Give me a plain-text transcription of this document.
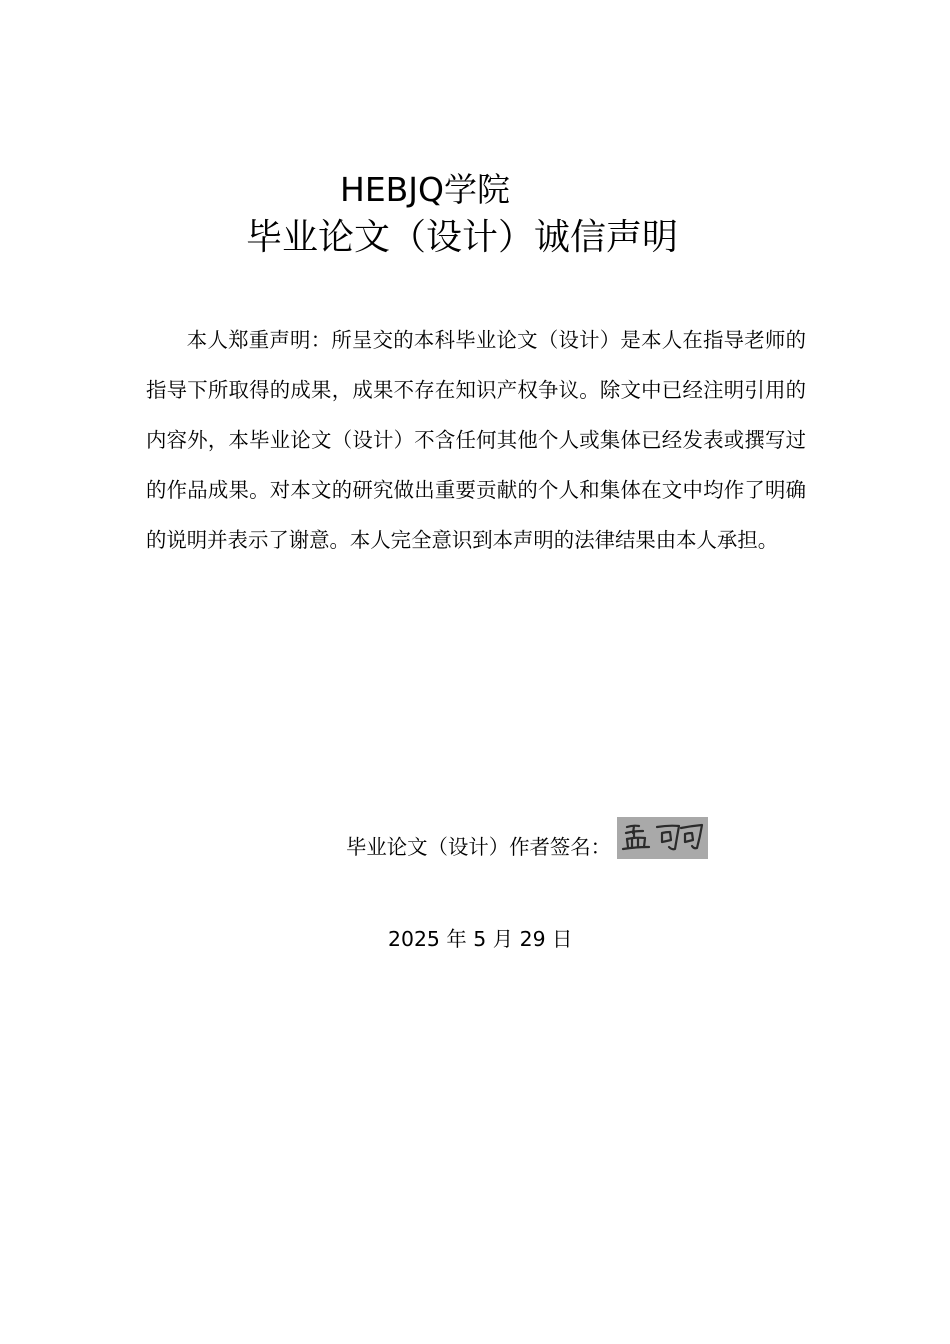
HEBJQ学院
毕业论文（设计）诚信声明

本人郑重声明：所呈交的本科毕业论文（设计）是本人在指导老师的指导下所取得的成果，成果不存在知识产权争议。除文中已经注明引用的内容外，本毕业论文（设计）不含任何其他个人或集体已经发表或撰写过的作品成果。对本文的研究做出重要贡献的个人和集体在文中均作了明确的说明并表示了谢意。本人完全意识到本声明的法律结果由本人承担。

毕业论文（设计）作者签名：
2025 年 5 月 29 日
